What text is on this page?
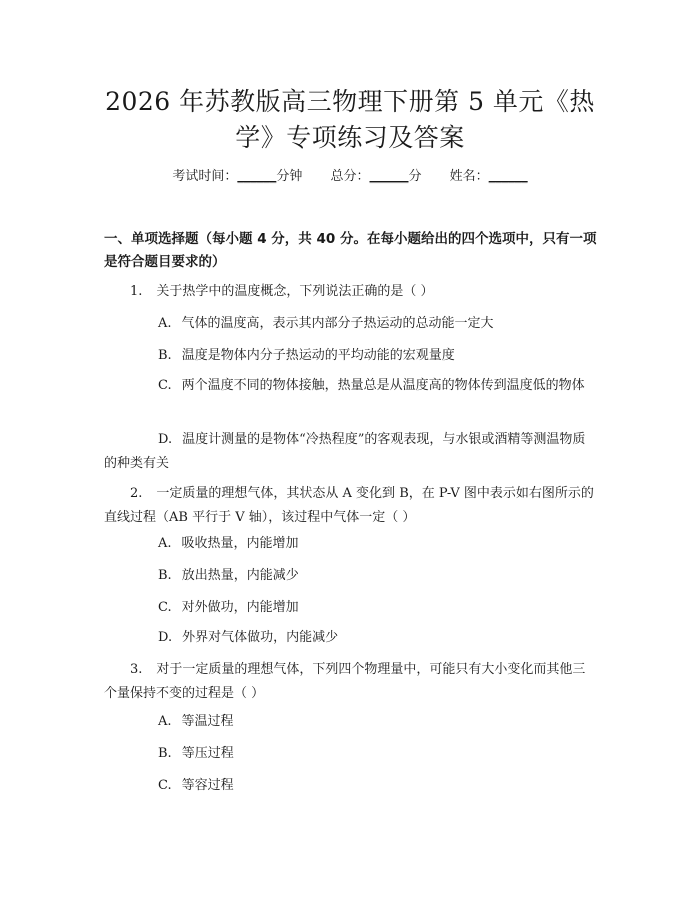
2026 年苏教版高三物理下册第 5 单元《热
学》专项练习及答案
考试时间：______分钟 总分：______分 姓名：______
一、单项选择题（每小题 4 分，共 40 分。在每小题给出的四个选项中，只有一项是符合题目要求的）
1. 关于热学中的温度概念，下列说法正确的是（ ）
A. 气体的温度高，表示其内部分子热运动的总动能一定大
B. 温度是物体内分子热运动的平均动能的宏观量度
C. 两个温度不同的物体接触，热量总是从温度高的物体传到温度低的物体
D. 温度计测量的是物体“冷热程度”的客观表现，与水银或酒精等测温物质的种类有关
2. 一定质量的理想气体，其状态从 A 变化到 B，在 P-V 图中表示如右图所示的直线过程（AB 平行于 V 轴），该过程中气体一定（ ）
A. 吸收热量，内能增加
B. 放出热量，内能减少
C. 对外做功，内能增加
D. 外界对气体做功，内能减少
3. 对于一定质量的理想气体，下列四个物理量中，可能只有大小变化而其他三个量保持不变的过程是（ ）
A. 等温过程
B. 等压过程
C. 等容过程
